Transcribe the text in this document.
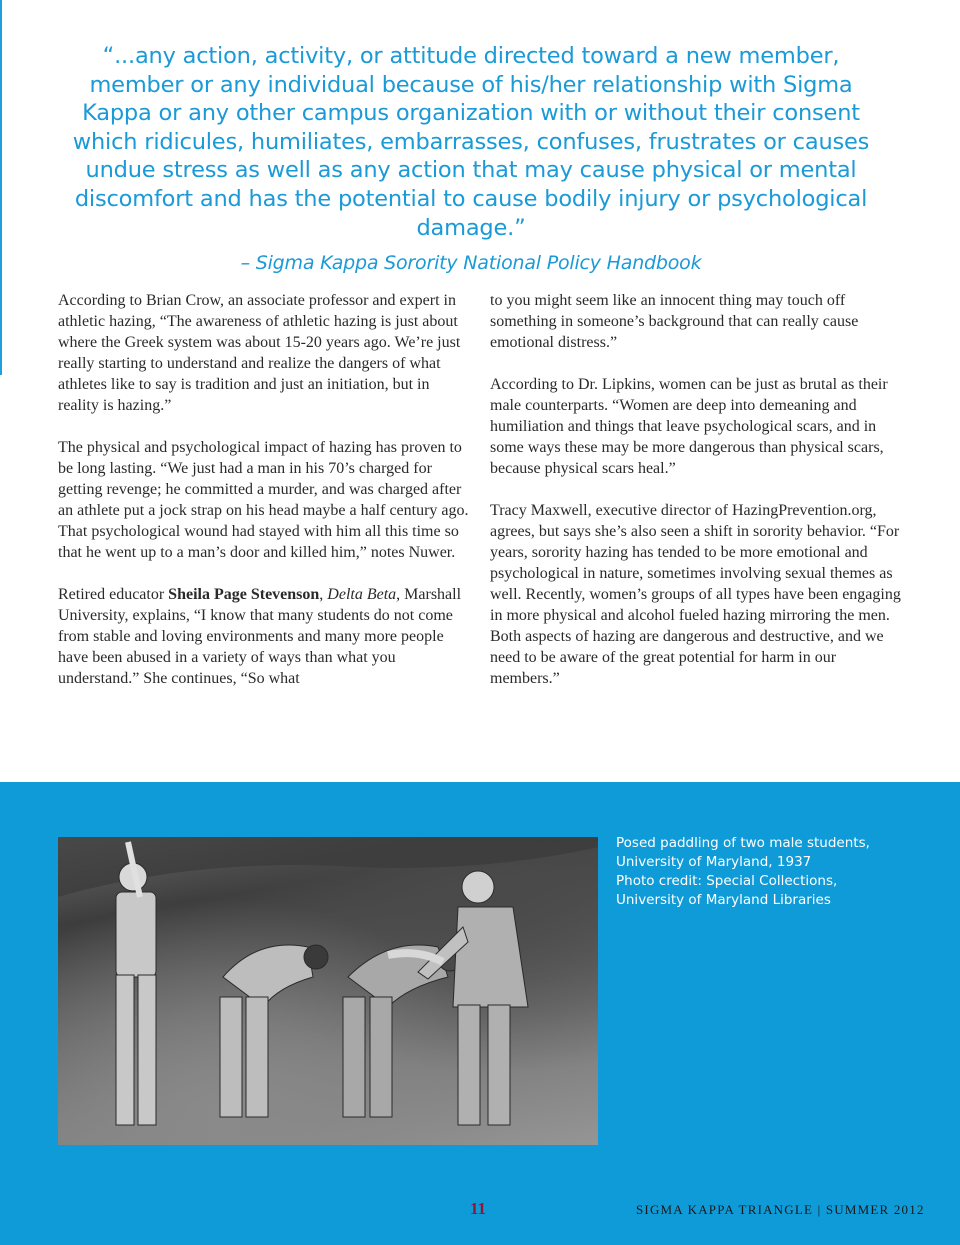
“...any action, activity, or attitude directed toward a new member, member or any individual because of his/her relationship with Sigma Kappa or any other campus organization with or without their consent which ridicules, humiliates, embarrasses, confuses, frustrates or causes undue stress as well as any action that may cause physical or mental discomfort and has the potential to cause bodily injury or psychological damage.”
– Sigma Kappa Sorority National Policy Handbook

According to Brian Crow, an associate professor and expert in athletic hazing, “The awareness of athletic hazing is just about where the Greek system was about 15-20 years ago. We’re just really starting to understand and realize the dangers of what athletes like to say is tradition and just an initiation, but in reality is hazing.”

The physical and psychological impact of hazing has proven to be long lasting. “We just had a man in his 70’s charged for getting revenge; he committed a murder, and was charged after an athlete put a jock strap on his head maybe a half century ago. That psychological wound had stayed with him all this time so that he went up to a man’s door and killed him,” notes Nuwer.

Retired educator Sheila Page Stevenson, Delta Beta, Marshall University, explains, “I know that many students do not come from stable and loving environments and many more people have been abused in a variety of ways than what you understand.” She continues, “So what

to you might seem like an innocent thing may touch off something in someone’s background that can really cause emotional distress.”

According to Dr. Lipkins, women can be just as brutal as their male counterparts. “Women are deep into demeaning and humiliation and things that leave psychological scars, and in some ways these may be more dangerous than physical scars, because physical scars heal.”

Tracy Maxwell, executive director of HazingPrevention.org, agrees, but says she’s also seen a shift in sorority behavior. “For years, sorority hazing has tended to be more emotional and psychological in nature, sometimes involving sexual themes as well. Recently, women’s groups of all types have been engaging in more physical and alcohol fueled hazing mirroring the men. Both aspects of hazing are dangerous and destructive, and we need to be aware of the great potential for harm in our members.”

Posed paddling of two male students,
University of Maryland, 1937
Photo credit: Special Collections,
University of Maryland Libraries
11	SIGMA KAPPA TRIANGLE | SUMMER 2012
